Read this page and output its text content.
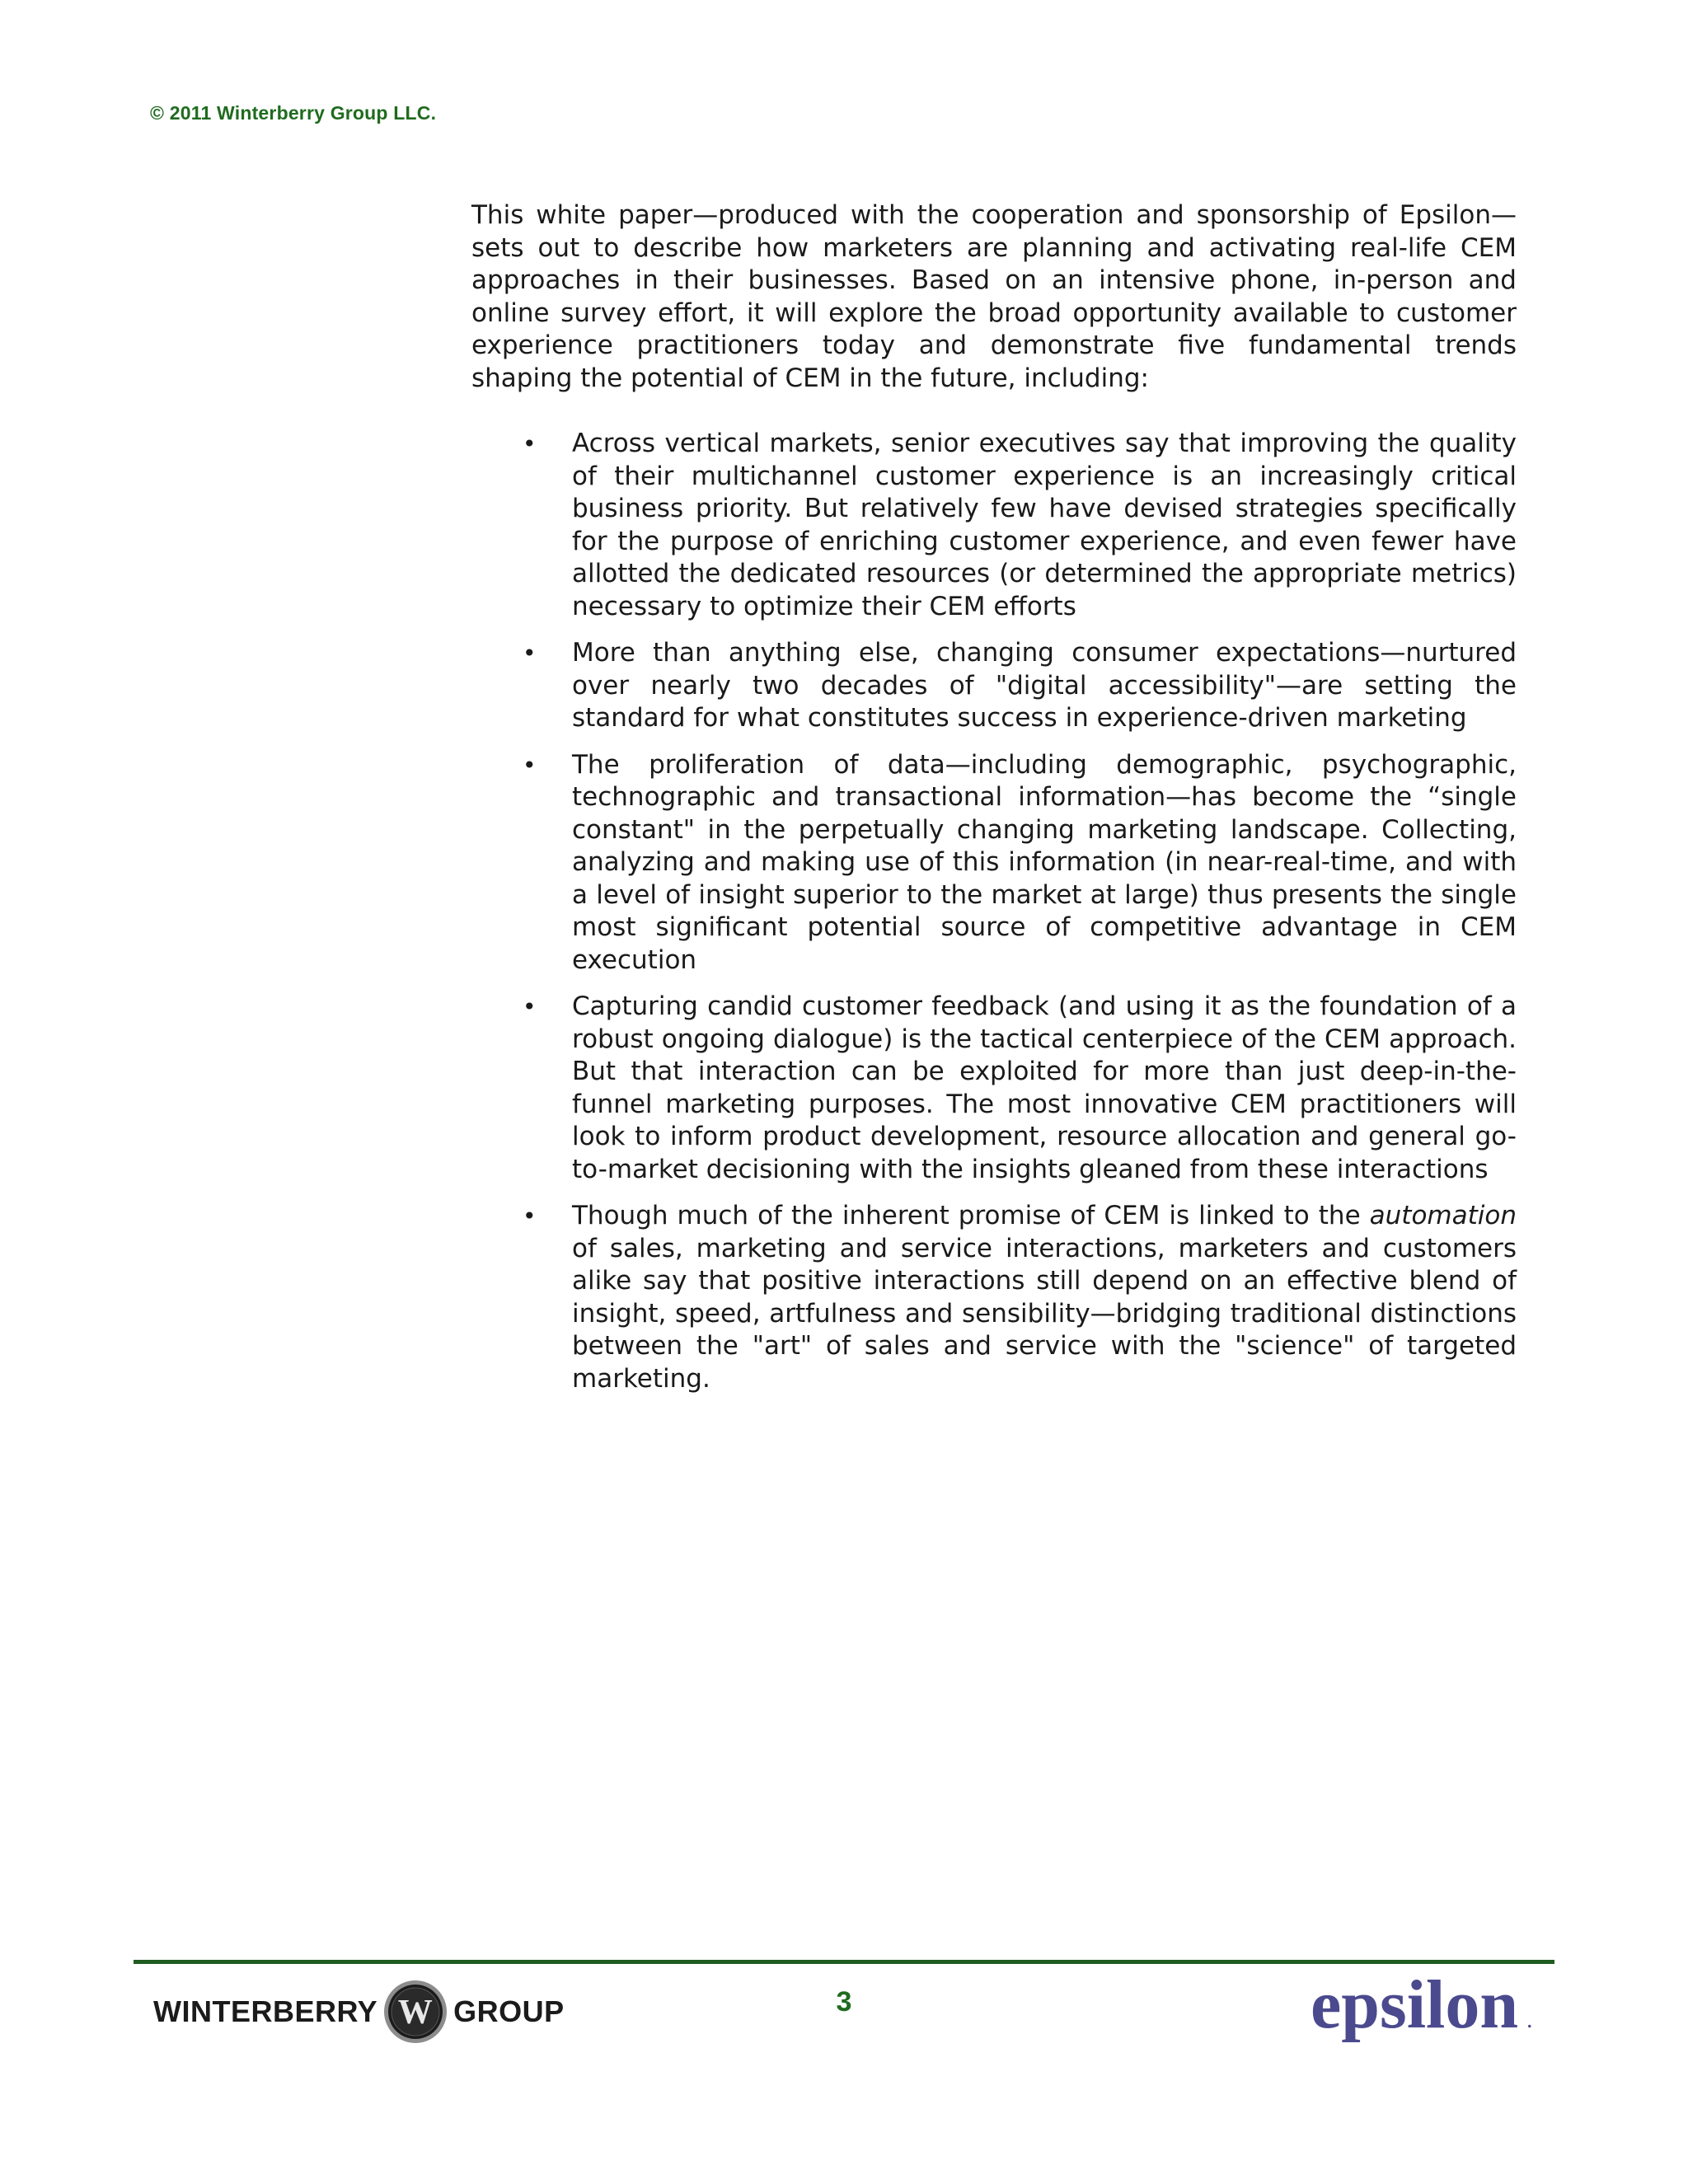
© 2011 Winterberry Group LLC.

This white paper—produced with the cooperation and sponsorship of Epsilon—sets out to describe how marketers are planning and activating real-life CEM approaches in their businesses. Based on an intensive phone, in-person and online survey effort, it will explore the broad opportunity available to customer experience practitioners today and demonstrate five fundamental trends shaping the potential of CEM in the future, including:

• Across vertical markets, senior executives say that improving the quality of their multichannel customer experience is an increasingly critical business priority. But relatively few have devised strategies specifically for the purpose of enriching customer experience, and even fewer have allotted the dedicated resources (or determined the appropriate metrics) necessary to optimize their CEM efforts
• More than anything else, changing consumer expectations—nurtured over nearly two decades of "digital accessibility"—are setting the standard for what constitutes success in experience-driven marketing
• The proliferation of data—including demographic, psychographic, technographic and transactional information—has become the “single constant" in the perpetually changing marketing landscape. Collecting, analyzing and making use of this information (in near-real-time, and with a level of insight superior to the market at large) thus presents the single most significant potential source of competitive advantage in CEM execution
• Capturing candid customer feedback (and using it as the foundation of a robust ongoing dialogue) is the tactical centerpiece of the CEM approach. But that interaction can be exploited for more than just deep-in-the-funnel marketing purposes. The most innovative CEM practitioners will look to inform product development, resource allocation and general go-to-market decisioning with the insights gleaned from these interactions
• Though much of the inherent promise of CEM is linked to the automation of sales, marketing and service interactions, marketers and customers alike say that positive interactions still depend on an effective blend of insight, speed, artfulness and sensibility—bridging traditional distinctions between the "art" of sales and service with the "science" of targeted marketing.
WINTERBERRY W GROUP	3	epsilon .
